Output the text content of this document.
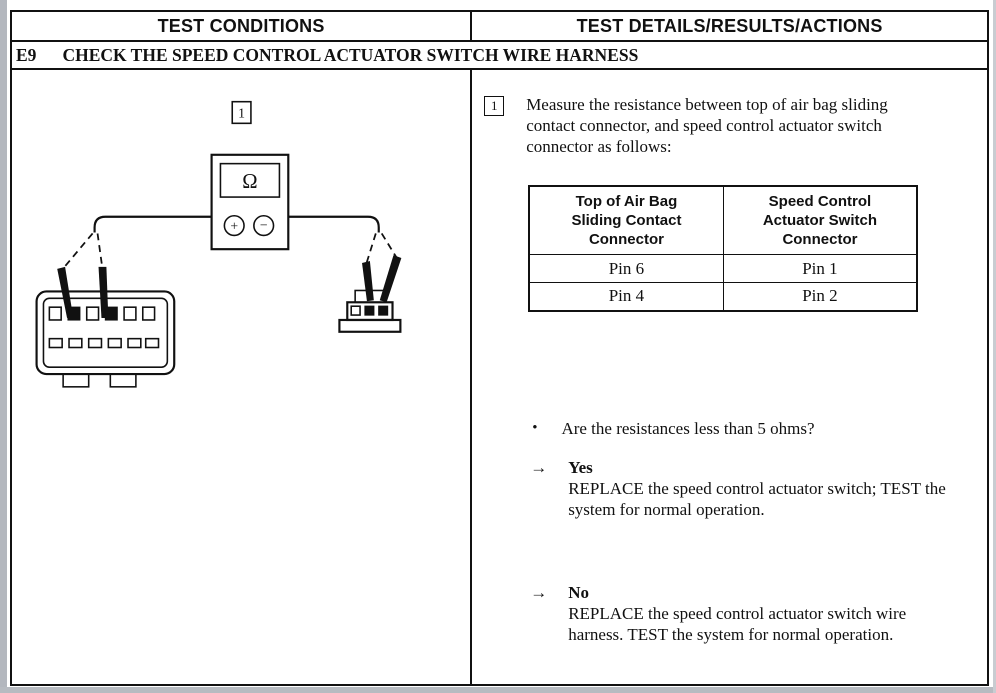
TEST CONDITIONS	TEST DETAILS/RESULTS/ACTIONS
E9 CHECK THE SPEED CONTROL ACTUATOR SWITCH WIRE HARNESS
1
Ω
+ −
1	Measure the resistance between top of air bag sliding contact connector, and speed control actuator switch connector as follows:

Top of Air Bag Sliding Contact Connector	Speed Control Actuator Switch Connector
Pin 6	Pin 1
Pin 4	Pin 2
• Are the resistances less than 5 ohms?
→	Yes

REPLACE the speed control actuator switch; TEST the system for normal operation.

→	No

REPLACE the speed control actuator switch wire harness. TEST the system for normal operation.
